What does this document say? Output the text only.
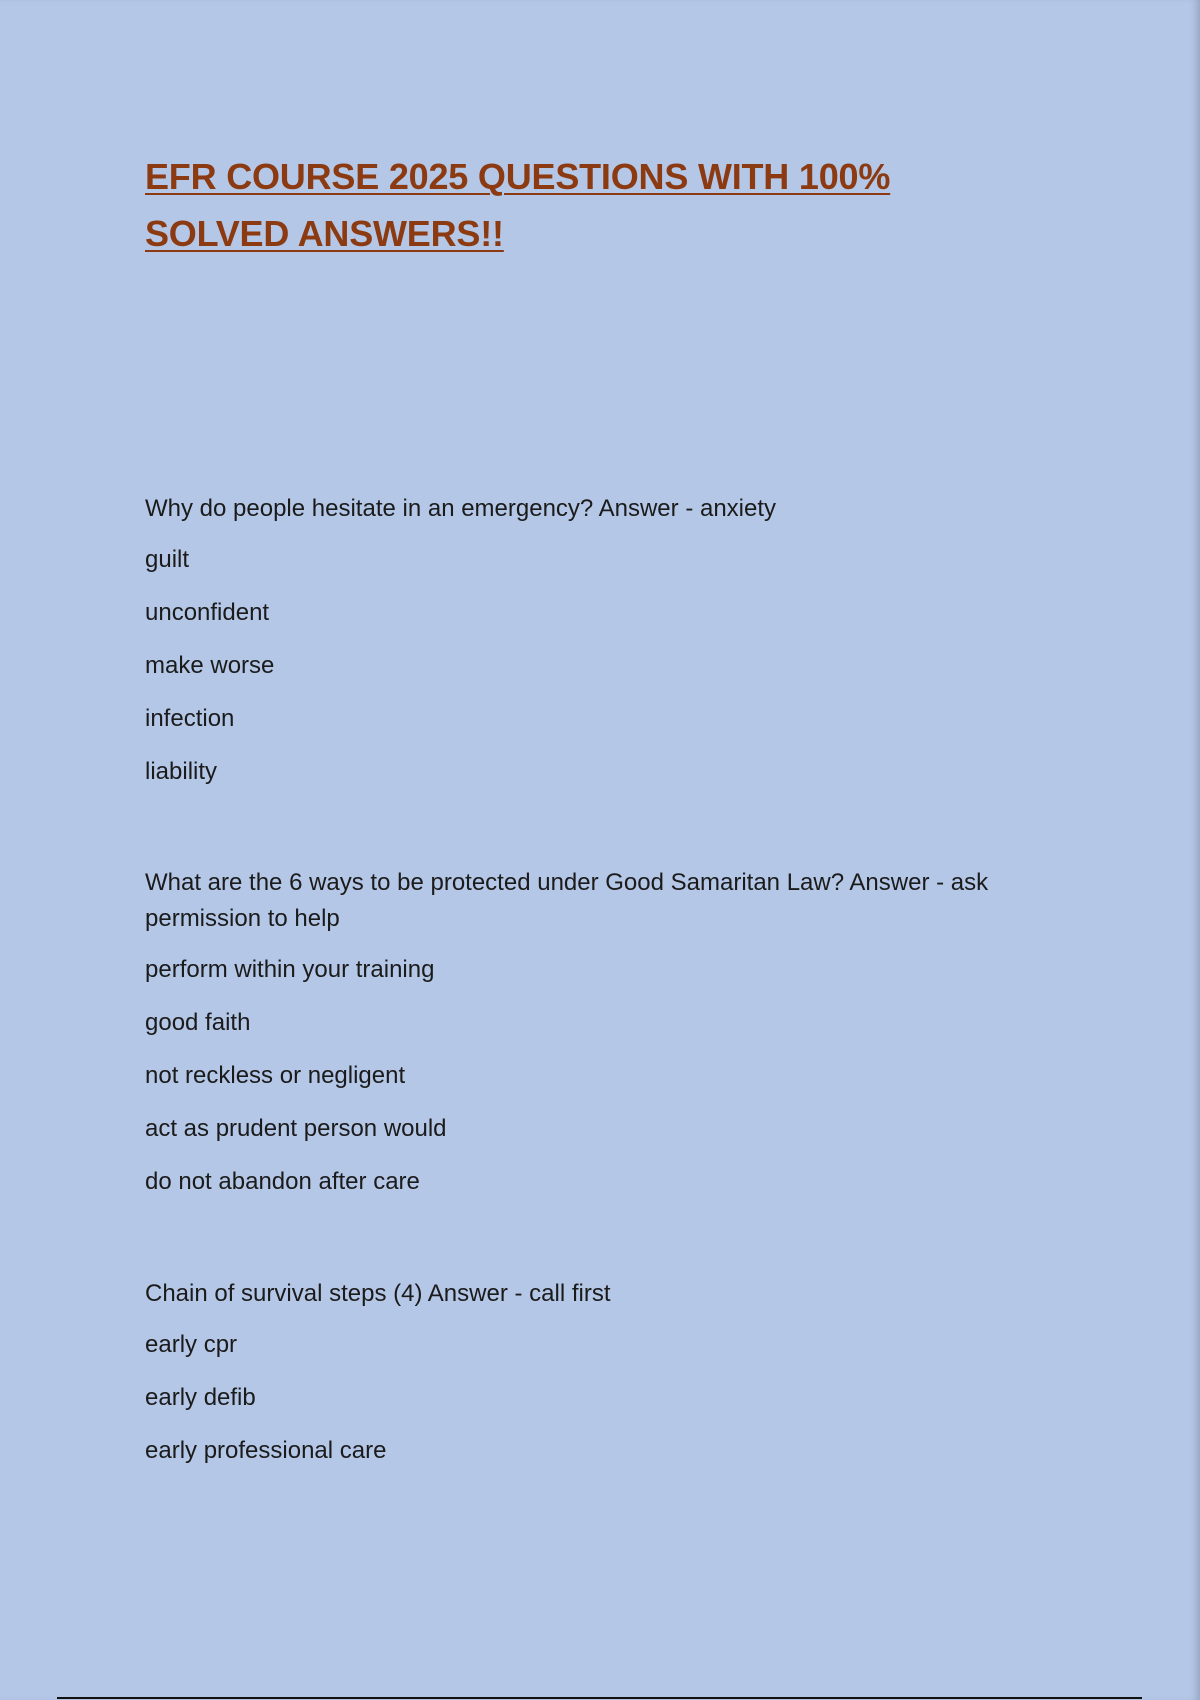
EFR COURSE 2025 QUESTIONS WITH 100%
SOLVED ANSWERS!!

Why do people hesitate in an emergency? Answer - anxiety

guilt

unconfident

make worse

infection

liability

What are the 6 ways to be protected under Good Samaritan Law? Answer - ask permission to help

perform within your training

good faith

not reckless or negligent

act as prudent person would

do not abandon after care

Chain of survival steps (4) Answer - call first

early cpr

early defib

early professional care
